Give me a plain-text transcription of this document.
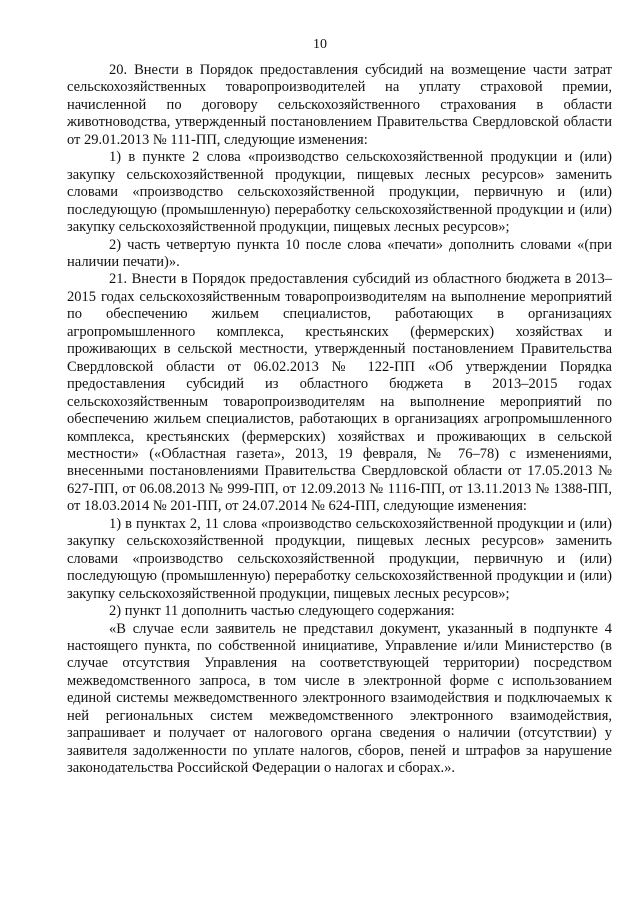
10

20. Внести в Порядок предоставления субсидий на возмещение части затрат сельскохозяйственных товаропроизводителей на уплату страховой премии, начисленной по договору сельскохозяйственного страхования в области животноводства, утвержденный постановлением Правительства Свердловской области от 29.01.2013 № 111-ПП, следующие изменения:

1) в пункте 2 слова «производство сельскохозяйственной продукции и (или) закупку сельскохозяйственной продукции, пищевых лесных ресурсов» заменить словами «производство сельскохозяйственной продукции, первичную и (или) последующую (промышленную) переработку сельскохозяйственной продукции и (или) закупку сельскохозяйственной продукции, пищевых лесных ресурсов»;

2) часть четвертую пункта 10 после слова «печати» дополнить словами «(при наличии печати)».

21. Внести в Порядок предоставления субсидий из областного бюджета в 2013–2015 годах сельскохозяйственным товаропроизводителям на выполнение мероприятий по обеспечению жильем специалистов, работающих в организациях агропромышленного комплекса, крестьянских (фермерских) хозяйствах и проживающих в сельской местности, утвержденный постановлением Правительства Свердловской области от 06.02.2013 № 122-ПП «Об утверждении Порядка предоставления субсидий из областного бюджета в 2013–2015 годах сельскохозяйственным товаропроизводителям на выполнение мероприятий по обеспечению жильем специалистов, работающих в организациях агропромышленного комплекса, крестьянских (фермерских) хозяйствах и проживающих в сельской местности» («Областная газета», 2013, 19 февраля, № 76–78) с изменениями, внесенными постановлениями Правительства Свердловской области от 17.05.2013 № 627-ПП, от 06.08.2013 № 999-ПП, от 12.09.2013 № 1116-ПП, от 13.11.2013 № 1388-ПП, от 18.03.2014 № 201-ПП, от 24.07.2014 № 624-ПП, следующие изменения:

1) в пунктах 2, 11 слова «производство сельскохозяйственной продукции и (или) закупку сельскохозяйственной продукции, пищевых лесных ресурсов» заменить словами «производство сельскохозяйственной продукции, первичную и (или) последующую (промышленную) переработку сельскохозяйственной продукции и (или) закупку сельскохозяйственной продукции, пищевых лесных ресурсов»;

2) пункт 11 дополнить частью следующего содержания:

«В случае если заявитель не представил документ, указанный в подпункте 4 настоящего пункта, по собственной инициативе, Управление и/или Министерство (в случае отсутствия Управления на соответствующей территории) посредством межведомственного запроса, в том числе в электронной форме с использованием единой системы межведомственного электронного взаимодействия и подключаемых к ней региональных систем межведомственного электронного взаимодействия, запрашивает и получает от налогового органа сведения о наличии (отсутствии) у заявителя задолженности по уплате налогов, сборов, пеней и штрафов за нарушение законодательства Российской Федерации о налогах и сборах.».
